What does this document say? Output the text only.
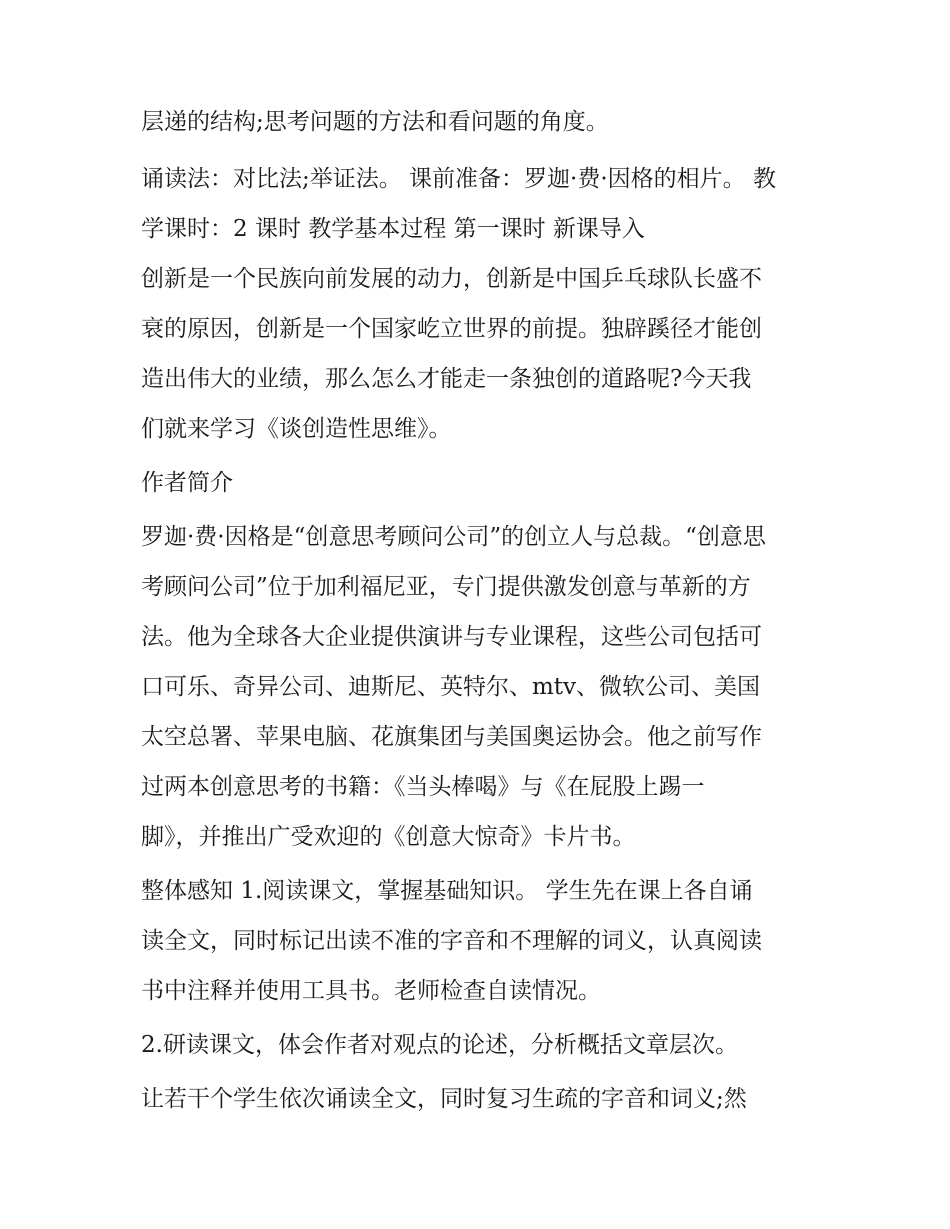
层递的结构;思考问题的方法和看问题的角度。
诵读法：对比法;举证法。 课前准备：罗迦·费·因格的相片。 教
学课时：2 课时 教学基本过程 第一课时 新课导入
创新是一个民族向前发展的动力，创新是中国乒乓球队长盛不
衰的原因，创新是一个国家屹立世界的前提。独辟蹊径才能创
造出伟大的业绩，那么怎么才能走一条独创的道路呢?今天我
们就来学习《谈创造性思维》。
作者简介
罗迦·费·因格是“创意思考顾问公司”的创立人与总裁。“创意思
考顾问公司”位于加利福尼亚，专门提供激发创意与革新的方
法。他为全球各大企业提供演讲与专业课程，这些公司包括可
口可乐、奇异公司、迪斯尼、英特尔、mtv、微软公司、美国
太空总署、苹果电脑、花旗集团与美国奥运协会。他之前写作
过两本创意思考的书籍：《当头棒喝》与《在屁股上踢一
脚》，并推出广受欢迎的《创意大惊奇》卡片书。
整体感知 1.阅读课文，掌握基础知识。 学生先在课上各自诵
读全文，同时标记出读不准的字音和不理解的词义，认真阅读
书中注释并使用工具书。老师检查自读情况。
2.研读课文，体会作者对观点的论述，分析概括文章层次。
让若干个学生依次诵读全文，同时复习生疏的字音和词义;然
